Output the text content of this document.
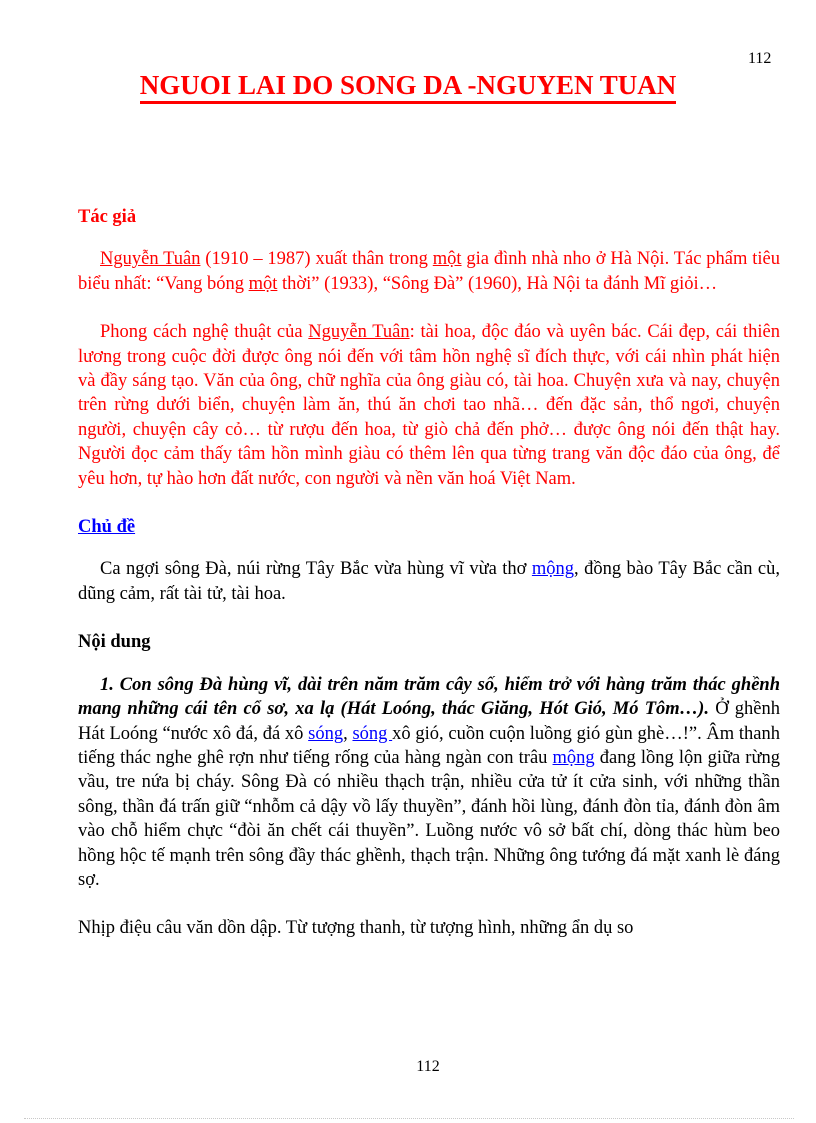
112
NGUOI LAI DO SONG DA -NGUYEN TUAN
Tác giả

Nguyễn Tuân (1910 – 1987) xuất thân trong một gia đình nhà nho ở Hà Nội. Tác phẩm tiêu biểu nhất: “Vang bóng một thời” (1933), “Sông Đà” (1960), Hà Nội ta đánh Mĩ giỏi…

Phong cách nghệ thuật của Nguyễn Tuân: tài hoa, độc đáo và uyên bác. Cái đẹp, cái thiên lương trong cuộc đời được ông nói đến với tâm hồn nghệ sĩ đích thực, với cái nhìn phát hiện và đầy sáng tạo. Văn của ông, chữ nghĩa của ông giàu có, tài hoa. Chuyện xưa và nay, chuyện trên rừng dưới biển, chuyện làm ăn, thú ăn chơi tao nhã… đến đặc sản, thổ ngơi, chuyện người, chuyện cây cỏ… từ rượu đến hoa, từ giò chả đến phở… được ông nói đến thật hay. Người đọc cảm thấy tâm hồn mình giàu có thêm lên qua từng trang văn độc đáo của ông, để yêu hơn, tự hào hơn đất nước, con người và nền văn hoá Việt Nam.

Chủ đề

Ca ngợi sông Đà, núi rừng Tây Bắc vừa hùng vĩ vừa thơ mộng, đồng bào Tây Bắc cần cù, dũng cảm, rất tài tử, tài hoa.

Nội dung

1. Con sông Đà hùng vĩ, dài trên năm trăm cây số, hiểm trở với hàng trăm thác ghềnh mang những cái tên cổ sơ, xa lạ (Hát Loóng, thác Giăng, Hót Gió, Mó Tôm…). Ở ghềnh Hát Loóng “nước xô đá, đá xô sóng, sóng xô gió, cuồn cuộn luồng gió gùn ghè…!”. Âm thanh tiếng thác nghe ghê rợn như tiếng rống của hàng ngàn con trâu mộng đang lồng lộn giữa rừng vầu, tre nứa bị cháy. Sông Đà có nhiều thạch trận, nhiều cửa tử ít cửa sinh, với những thần sông, thần đá trấn giữ “nhỗm cả dậy vồ lấy thuyền”, đánh hồi lùng, đánh đòn tỉa, đánh đòn âm vào chỗ hiểm chực “đòi ăn chết cái thuyền”. Luồng nước vô sở bất chí, dòng thác hùm beo hồng hộc tế mạnh trên sông đầy thác ghềnh, thạch trận. Những ông tướng đá mặt xanh lè đáng sợ.

Nhịp điệu câu văn dồn dập. Từ tượng thanh, từ tượng hình, những ẩn dụ so

112
